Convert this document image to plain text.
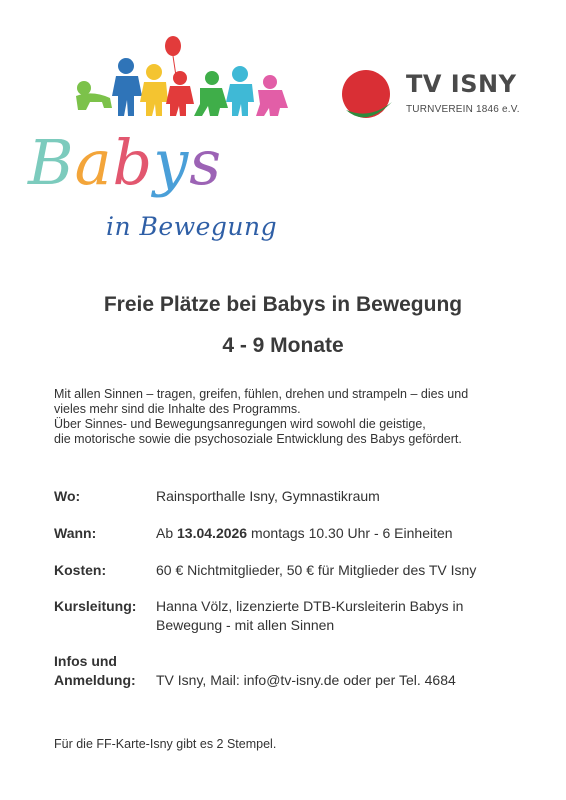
TV ISNY
TURNVEREIN 1846 e.V.
Babys
in Bewegung
Freie Plätze bei Babys in Bewegung
4 - 9 Monate
Mit allen Sinnen – tragen, greifen, fühlen, drehen und strampeln – dies und
vieles mehr sind die Inhalte des Programms.
Über Sinnes- und Bewegungsanregungen wird sowohl die geistige,
die motorische sowie die psychosoziale Entwicklung des Babys gefördert.
Wo:	Rainsporthalle Isny, Gymnastikraum
Wann:	Ab 13.04.2026 montags 10.30 Uhr - 6 Einheiten
Kosten:	60 € Nichtmitglieder, 50 € für Mitglieder des TV Isny
Kursleitung:	Hanna Völz, lizenzierte DTB-Kursleiterin Babys in
Bewegung - mit allen Sinnen
Infos und
Anmeldung:	TV Isny, Mail: info@tv-isny.de oder per Tel. 4684
Für die FF-Karte-Isny gibt es 2 Stempel.
